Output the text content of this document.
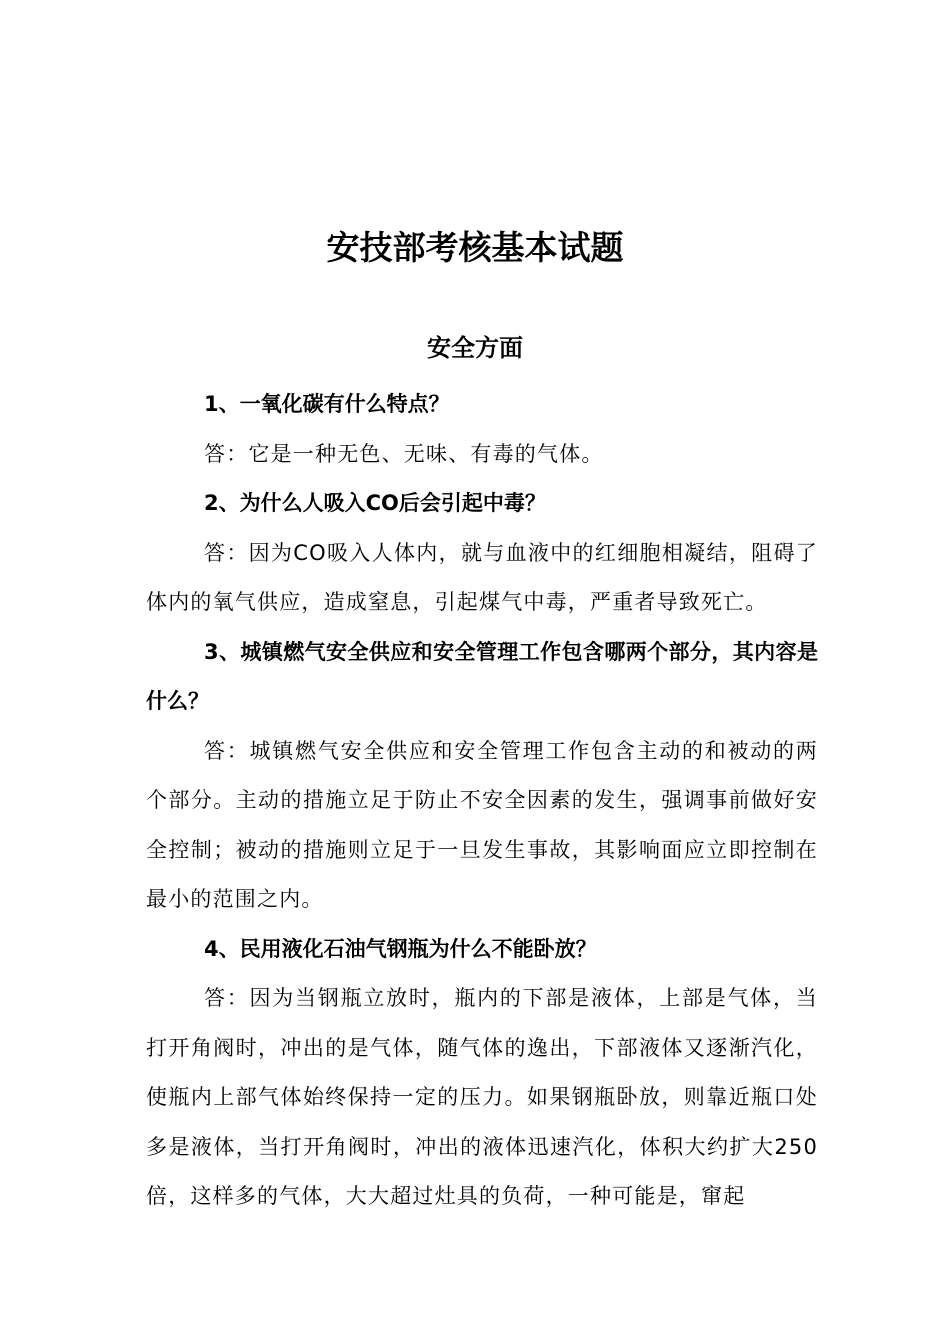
安技部考核基本试题
安全方面

1、一氧化碳有什么特点？

答：它是一种无色、无味、有毒的气体。

2、为什么人吸入CO后会引起中毒？

答：因为CO吸入人体内，就与血液中的红细胞相凝结，阻碍了体内的氧气供应，造成窒息，引起煤气中毒，严重者导致死亡。

3、城镇燃气安全供应和安全管理工作包含哪两个部分，其内容是什么？

答：城镇燃气安全供应和安全管理工作包含主动的和被动的两个部分。主动的措施立足于防止不安全因素的发生，强调事前做好安全控制；被动的措施则立足于一旦发生事故，其影响面应立即控制在最小的范围之内。

4、民用液化石油气钢瓶为什么不能卧放？

答：因为当钢瓶立放时，瓶内的下部是液体，上部是气体，当打开角阀时，冲出的是气体，随气体的逸出，下部液体又逐渐汽化，使瓶内上部气体始终保持一定的压力。如果钢瓶卧放，则靠近瓶口处多是液体，当打开角阀时，冲出的液体迅速汽化，体积大约扩大250倍，这样多的气体，大大超过灶具的负荷，一种可能是，窜起
